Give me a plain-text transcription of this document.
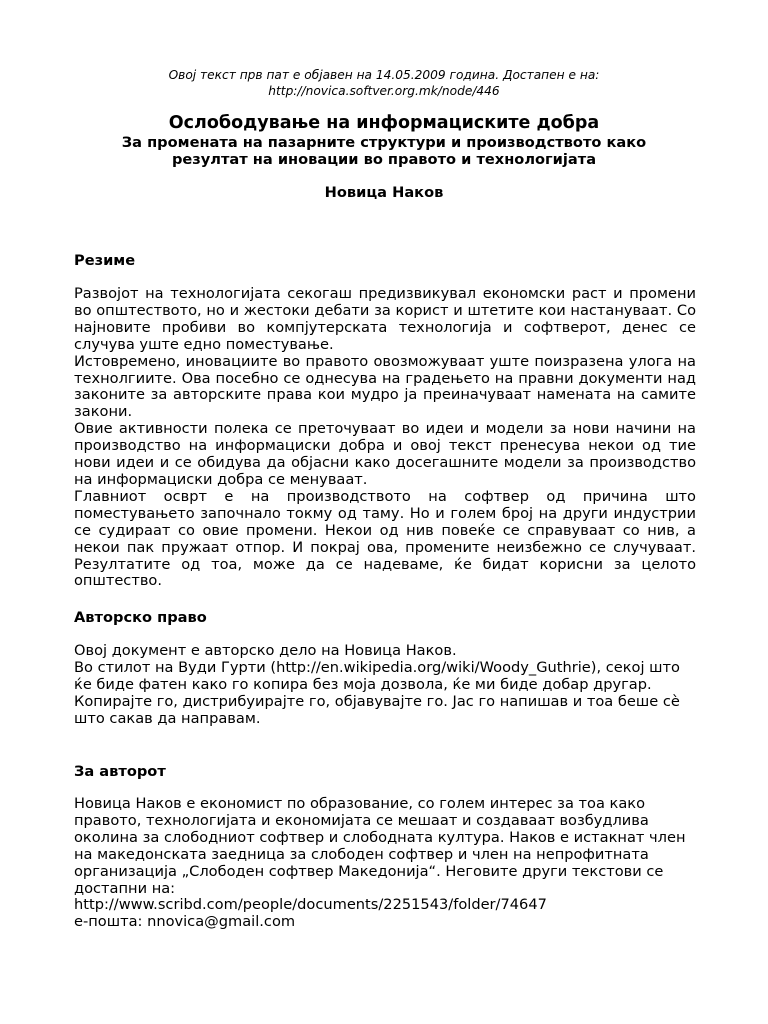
Овој текст прв пат е објавен на 14.05.2009 година. Достапен е на:
http://novica.softver.org.mk/node/446
Ослободување на информациските добра
За промената на пазарните структури и производството како
резултат на иновации во правото и технологијата
Новица Наков
Резиме

Развојот на технологијата секогаш предизвикувал економски раст и промени во општеството, но и жестоки дебати за корист и штетите кои настануваат. Со најновите пробиви во компјутерската технологија и софтверот, денес се случува уште едно поместување.

Истовремено, иновациите во правото овозможуваат уште поизразена улога на технолгиите. Ова посебно се однесува на градењето на правни документи над законите за авторските права кои мудро ја преиначуваат намената на самите закони.

Овие активности полека се преточуваат во идеи и модели за нови начини на производство на информациски добра и овој текст пренесува некои од тие нови идеи и се обидува да објасни како досегашните модели за производство на информациски добра се менуваат.

Главниот осврт е на производството на софтвер од причина што поместувањето започнало токму од таму. Но и голем број на други индустрии се судираат со овие промени. Некои од нив повеќе се справуваат со нив, а некои пак пружаат отпор. И покрај ова, промените неизбежно се случуваат. Резултатите од тоа, може да се надеваме, ќе бидат корисни за целото општество.

Авторско право

Овој документ е авторско дело на Новица Наков.

Во стилот на Вуди Гурти (http://en.wikipedia.org/wiki/Woody_Guthrie), секој што ќе биде фатен како го копира без моја дозвола, ќе ми биде добар другар. Копирајте го, дистрибуирајте го, објавувајте го. Јас го напишав и тоа беше сè што сакав да направам.

За авторот

Новица Наков е економист по образование, со голем интерес за тоа како правото, технологијата и економијата се мешаат и создаваат возбудлива околина за слободниот софтвер и слободната култура. Наков е истакнат член на македонската заедница за слободен софтвер и член на непрофитната организација „Слободен софтвер Македонија“. Неговите други текстови се достапни на:

http://www.scribd.com/people/documents/2251543/folder/74647

е-пошта: nnovica@gmail.com
